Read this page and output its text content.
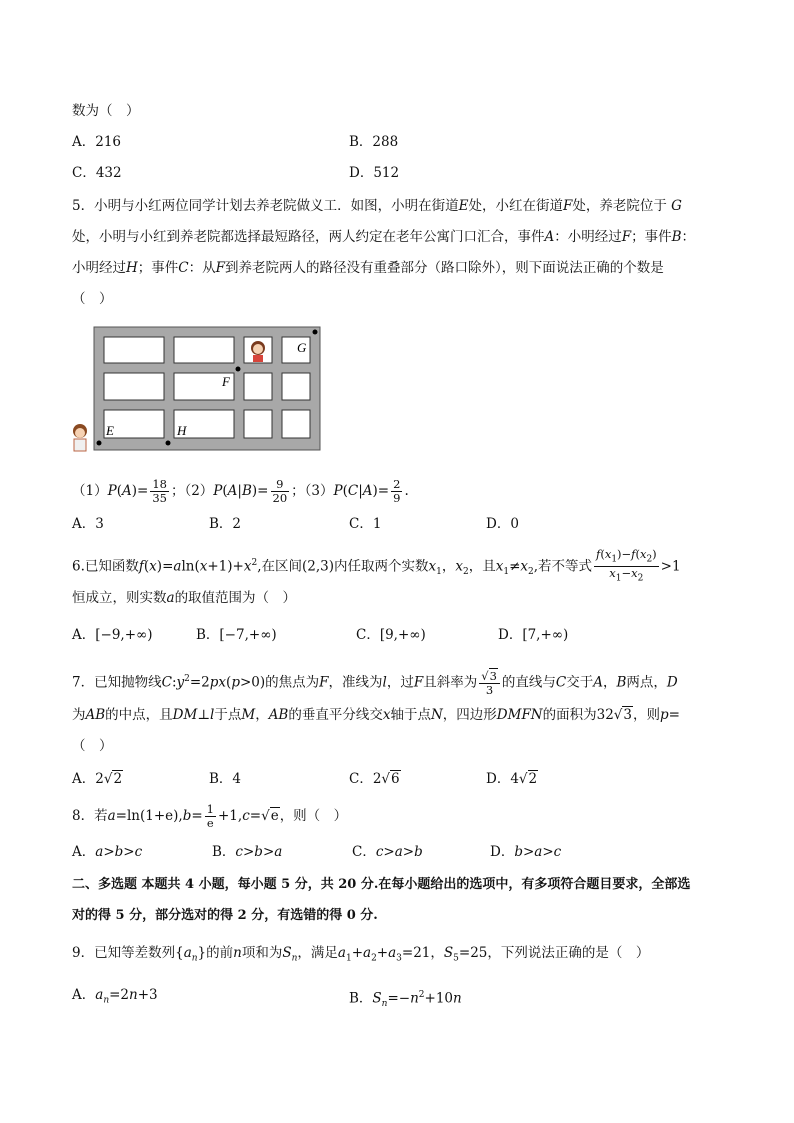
数为（　）
A．216	B．288
C．432	D．512
5．小明与小红两位同学计划去养老院做义工．如图，小明在街道E处，小红在街道F处，养老院位于 G
处，小明与小红到养老院都选择最短路径，两人约定在老年公寓门口汇合，事件A：小明经过F；事件B：
小明经过H；事件C：从F到养老院两人的路径没有重叠部分（路口除外），则下面说法正确的个数是
（　）
G
F
E	H
$(1)P(A)= \frac{18}{35}$ ；$(2)P(A|B)= \frac{9}{20}$ ；$(3)P(C|A)= \frac{2}{9}$ .
A．3	B．2	C．1	D．0
6.已知函数$f(x)=aln(x+1)+x^2$,在区间(2,3)内任取两个实数$x_1$，$x_2$，且$x_1\ne x_2$,若不等式 $\frac{f(x_1)-f(x_2)}{x_1-x_2} >1$
恒成立，则实数a的取值范围为（　）
A．[−9,+∞)	B．[−7,+∞)	C．[9,+∞)	D．[7,+∞)
7．已知抛物线$C:y^2=2px(p>0)$的焦点为F，准线为l，过F且斜率为 $\frac{√3}{3}$ 的直线与C交于A，B两点，D
为AB的中点，且DM⊥l于点M，AB的垂直平分线交x轴于点N，四边形DMFN的面积为32√3，则p=
（　）
A．2√2	B．4	C．2√6	D．4√2
8．若$a=\ln(1+e),b= \frac{1}{e} +1,c=√e$，则（　）
A．a>b>c	B．c>b>a	C．c>a>b	D．b>a>c
二、多选题 本题共 4 小题，每小题 5 分，共 20 分.在每小题给出的选项中，有多项符合题目要求，全部选
对的得 5 分，部分选对的得 2 分，有选错的得 0 分.
9．已知等差数列$\{a_n\}$的前n项和为$S_n$，满足$a_1+a_2+a_3=21$，$S_5=25$，下列说法正确的是（　）
A．$a_n=2n+3$	B．$S_n=-n^2+10n$
